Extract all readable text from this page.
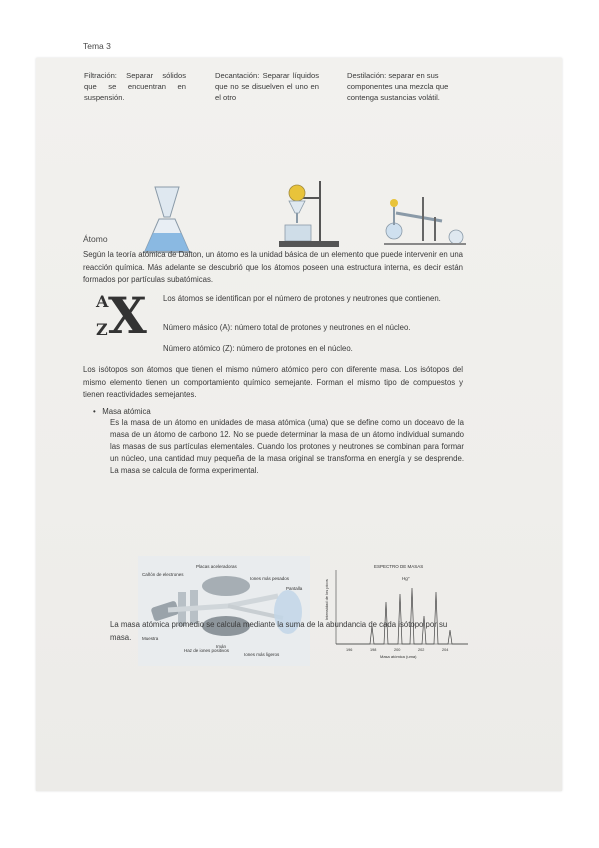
Tema 3
Filtración: Separar sólidos que se encuentran en suspensión.
Decantación: Separar líquidos que no se disuelven el uno en el otro
Destilación: separar en sus componentes una mezcla que contenga sustancias volátil.
Átomo
Según la teoría atómica de Dalton, un átomo es la unidad básica de un elemento que puede intervenir en una reacción química. Más adelante se descubrió que los átomos poseen una estructura interna, es decir están formados por partículas subatómicas.
A
Z X Los átomos se identifican por el número de protones y neutrones que contienen.
Número másico (A): número total de protones y neutrones en el núcleo.
Número atómico (Z): número de protones en el núcleo.
Los isótopos son átomos que tienen el mismo número atómico pero con diferente masa. Los isótopos del mismo elemento tienen un comportamiento químico semejante. Forman el mismo tipo de compuestos y tienen reactividades semejantes.
•   Masa atómica
Es la masa de un átomo en unidades de masa atómica (uma) que se define como un doceavo de la masa de un átomo de carbono 12. No se puede determinar la masa de un átomo individual sumando las masas de sus partículas elementales. Cuando los protones y neutrones se combinan para formar un núcleo, una cantidad muy pequeña de la masa original se transforma en energía y se desprende. La masa se calcula de forma experimental.
Cañón de electrones
Placas aceleradoras
Imán
Iones más pesados
Pantalla
Muestra
Haz de iones positivos
Iones más ligeros
ESPECTRO DE MASAS
Hg⁺
Intensidad de los picos
196	198	200	202	204
Masa atómica (uma)
La masa atómica promedio se calcula mediante la suma de la abundancia de cada isótopo por su masa.
